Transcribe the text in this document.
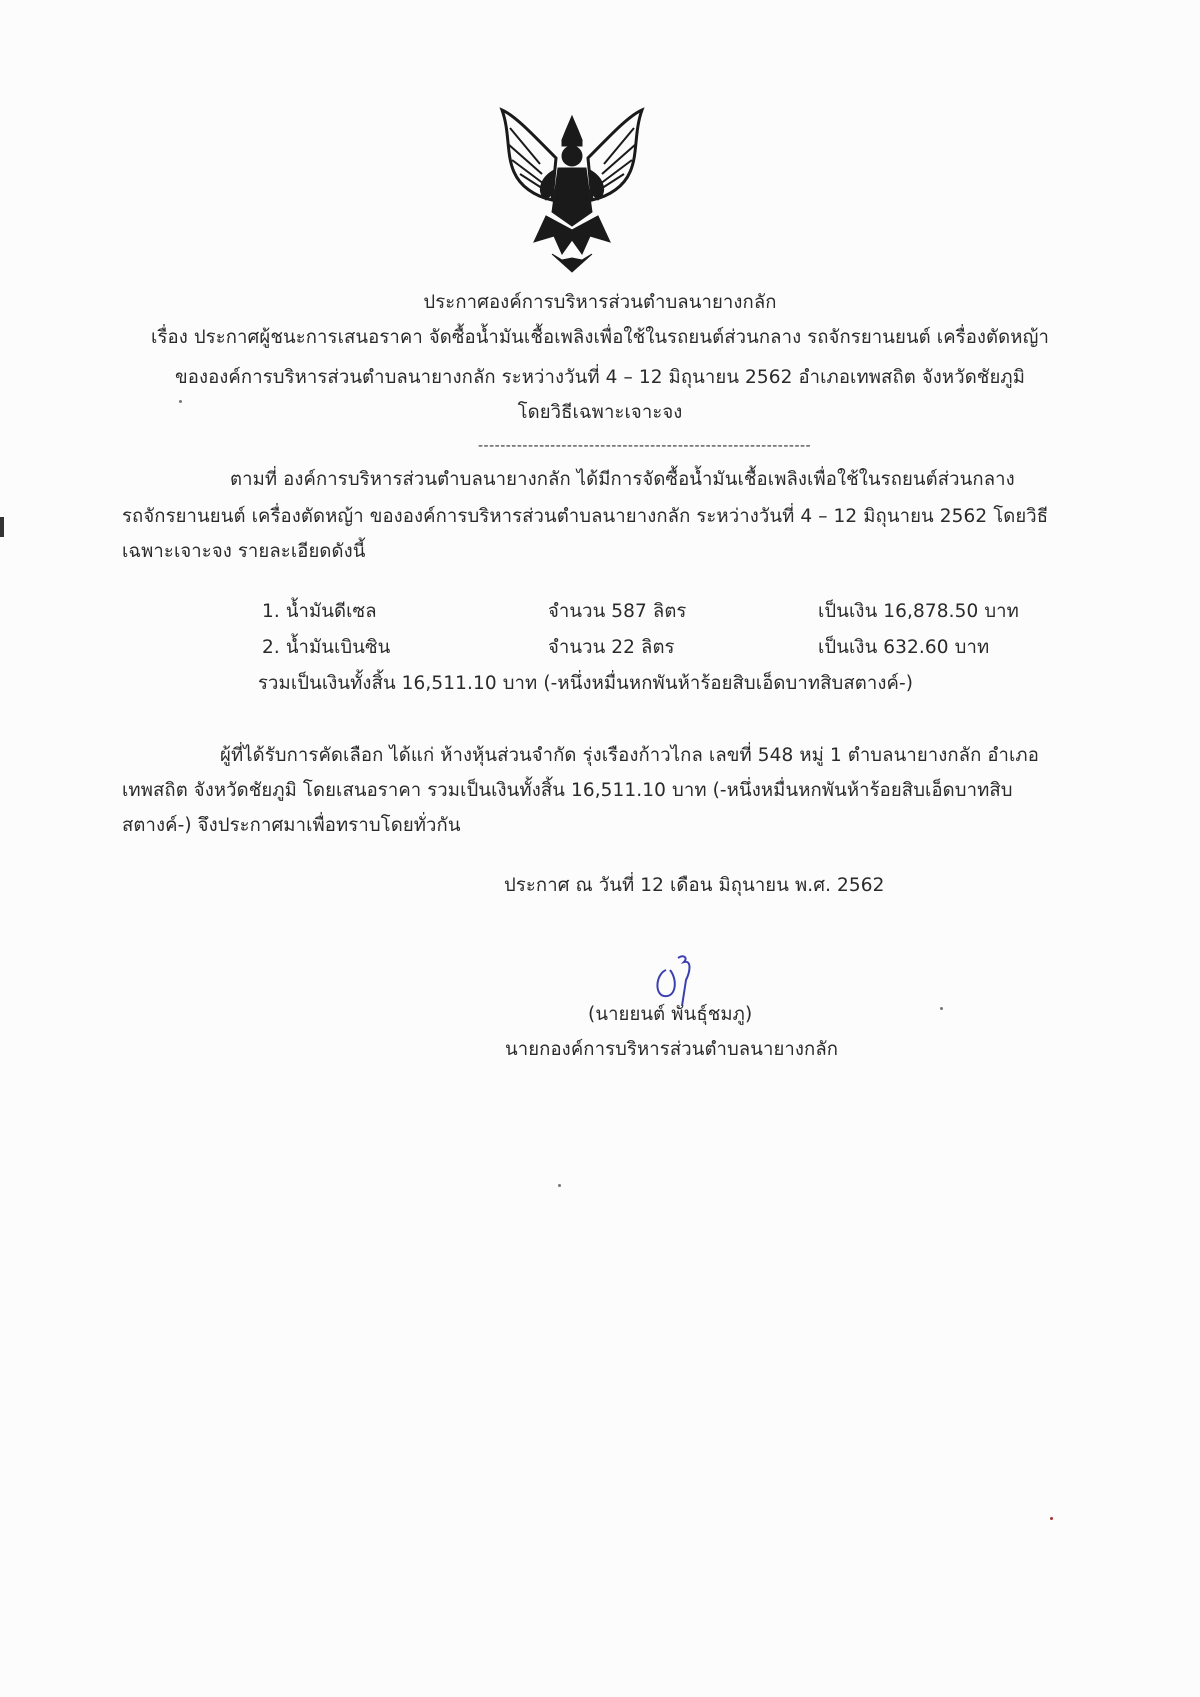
ประกาศองค์การบริหารส่วนตำบลนายางกลัก
เรื่อง ประกาศผู้ชนะการเสนอราคา จัดซื้อน้ำมันเชื้อเพลิงเพื่อใช้ในรถยนต์ส่วนกลาง รถจักรยานยนต์ เครื่องตัดหญ้า
ขององค์การบริหารส่วนตำบลนายางกลัก ระหว่างวันที่ 4 – 12 มิถุนายน 2562 อำเภอเทพสถิต จังหวัดชัยภูมิ
โดยวิธีเฉพาะเจาะจง
------------------------------------------------------------
ตามที่ องค์การบริหารส่วนตำบลนายางกลัก ได้มีการจัดซื้อน้ำมันเชื้อเพลิงเพื่อใช้ในรถยนต์ส่วนกลาง
รถจักรยานยนต์ เครื่องตัดหญ้า ขององค์การบริหารส่วนตำบลนายางกลัก ระหว่างวันที่ 4 – 12 มิถุนายน 2562 โดยวิธี
เฉพาะเจาะจง รายละเอียดดังนี้
1. น้ำมันดีเซล	จำนวน 587 ลิตร	เป็นเงิน 16,878.50 บาท
2. น้ำมันเบินซิน	จำนวน 22 ลิตร	เป็นเงิน 632.60 บาท
รวมเป็นเงินทั้งสิ้น 16,511.10 บาท (-หนึ่งหมื่นหกพันห้าร้อยสิบเอ็ดบาทสิบสตางค์-)
ผู้ที่ได้รับการคัดเลือก ได้แก่ ห้างหุ้นส่วนจำกัด รุ่งเรืองก้าวไกล เลขที่ 548 หมู่ 1 ตำบลนายางกลัก อำเภอ
เทพสถิต จังหวัดชัยภูมิ โดยเสนอราคา รวมเป็นเงินทั้งสิ้น 16,511.10 บาท (-หนึ่งหมื่นหกพันห้าร้อยสิบเอ็ดบาทสิบ
สตางค์-) จึงประกาศมาเพื่อทราบโดยทั่วกัน
ประกาศ ณ วันที่ 12 เดือน มิถุนายน พ.ศ. 2562
(นายยนต์ พันธุ์ชมภู)
นายกองค์การบริหารส่วนตำบลนายางกลัก
